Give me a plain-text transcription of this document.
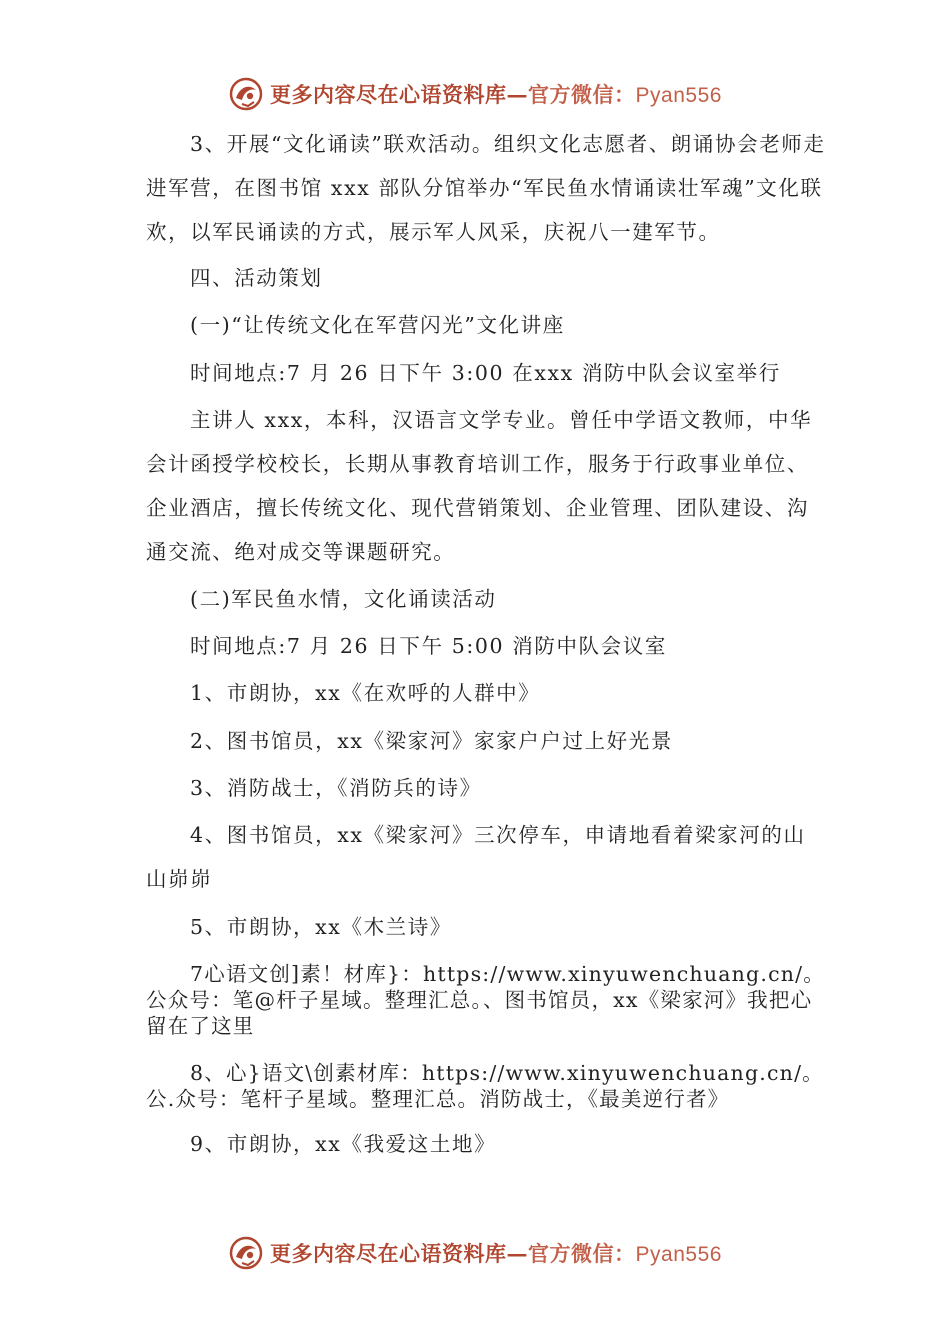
更多内容尽在心语资料库—官方微信：Pyan556

3、开展“文化诵读”联欢活动。组织文化志愿者、朗诵协会老师走进军营，在图书馆 xxx 部队分馆举办“军民鱼水情诵读壮军魂”文化联欢，以军民诵读的方式，展示军人风采，庆祝八一建军节。

四、活动策划

(一)“让传统文化在军营闪光”文化讲座

时间地点:7 月 26 日下午 3:00 在xxx 消防中队会议室举行

主讲人 xxx，本科，汉语言文学专业。曾任中学语文教师，中华会计函授学校校长，长期从事教育培训工作，服务于行政事业单位、企业酒店，擅长传统文化、现代营销策划、企业管理、团队建设、沟通交流、绝对成交等课题研究。

(二)军民鱼水情，文化诵读活动

时间地点:7 月 26 日下午 5:00 消防中队会议室

1、市朗协，xx《在欢呼的人群中》

2、图书馆员，xx《梁家河》家家户户过上好光景

3、消防战士，《消防兵的诗》

4、图书馆员，xx《梁家河》三次停车，申请地看着梁家河的山山峁峁

5、市朗协，xx《木兰诗》

7心语文创]素！材库}：https://www.xinyuwenchuang.cn/。公众号：笔@杆子星域。整理汇总。、图书馆员，xx《梁家河》我把心留在了这里

8、心}语文\创素材库：https://www.xinyuwenchuang.cn/。公.众号：笔杆子星域。整理汇总。消防战士，《最美逆行者》

9、市朗协，xx《我爱这土地》

更多内容尽在心语资料库—官方微信：Pyan556
